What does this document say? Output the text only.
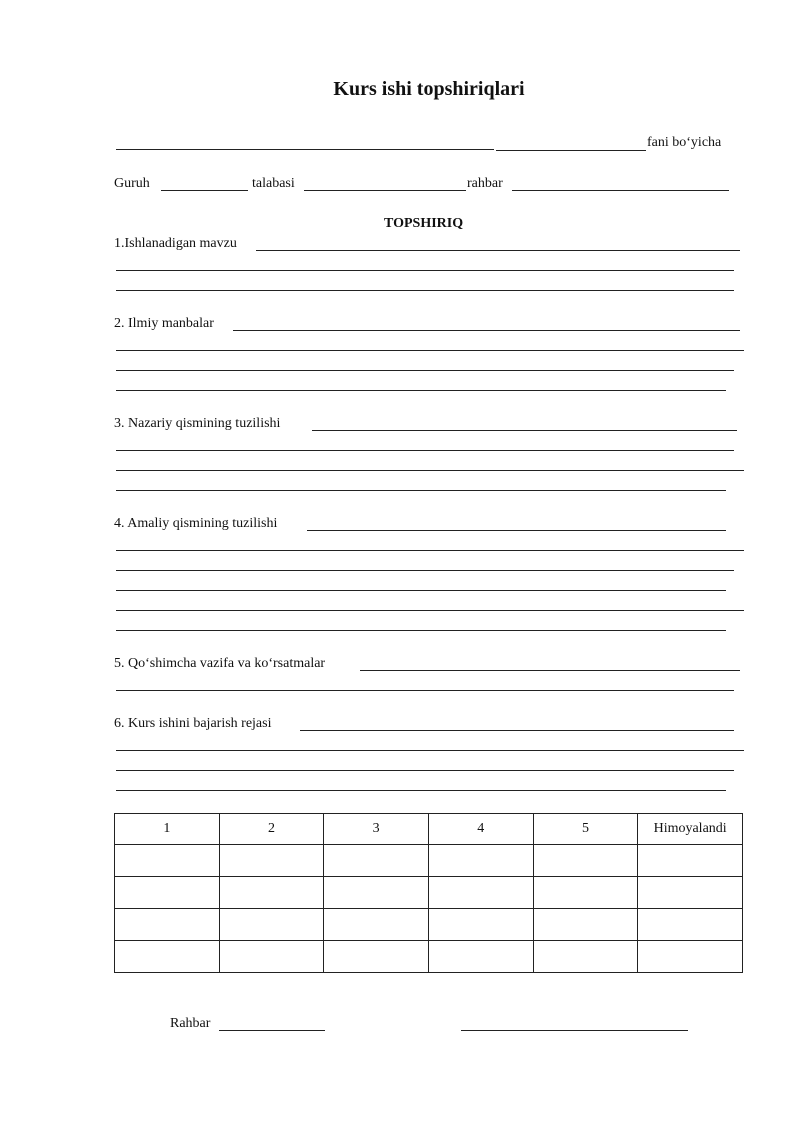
Kurs ishi topshiriqlari
fani bo‘yicha
Guruh	talabasi	rahbar
TOPSHIRIQ
1.Ishlanadigan mavzu
2. Ilmiy manbalar
3. Nazariy qismining tuzilishi
4. Amaliy qismining tuzilishi
5. Qo‘shimcha vazifa va ko‘rsatmalar
6. Kurs ishini bajarish rejasi
1	2	3	4	5	Himoyalandi

Rahbar
